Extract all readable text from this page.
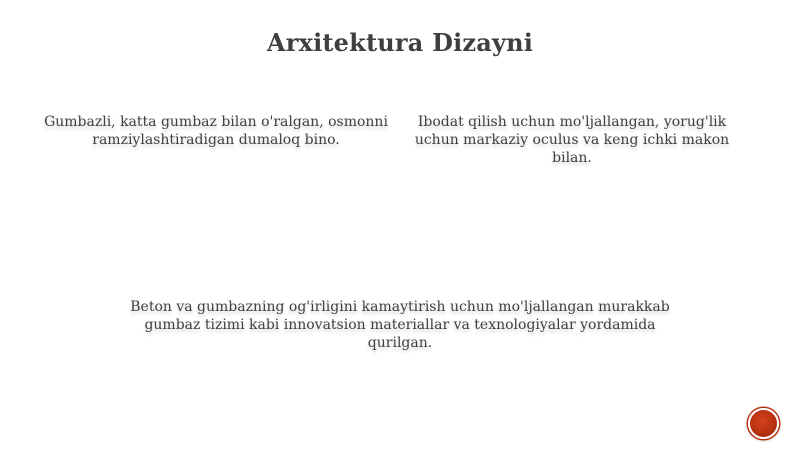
Arxitektura Dizayni
Gumbazli, katta gumbaz bilan o'ralgan, osmonni ramziylashtiradigan dumaloq bino.
Ibodat qilish uchun mo'ljallangan, yorug'lik uchun markaziy oculus va keng ichki makon bilan.
Beton va gumbazning og'irligini kamaytirish uchun mo'ljallangan murakkab gumbaz tizimi kabi innovatsion materiallar va texnologiyalar yordamida qurilgan.
